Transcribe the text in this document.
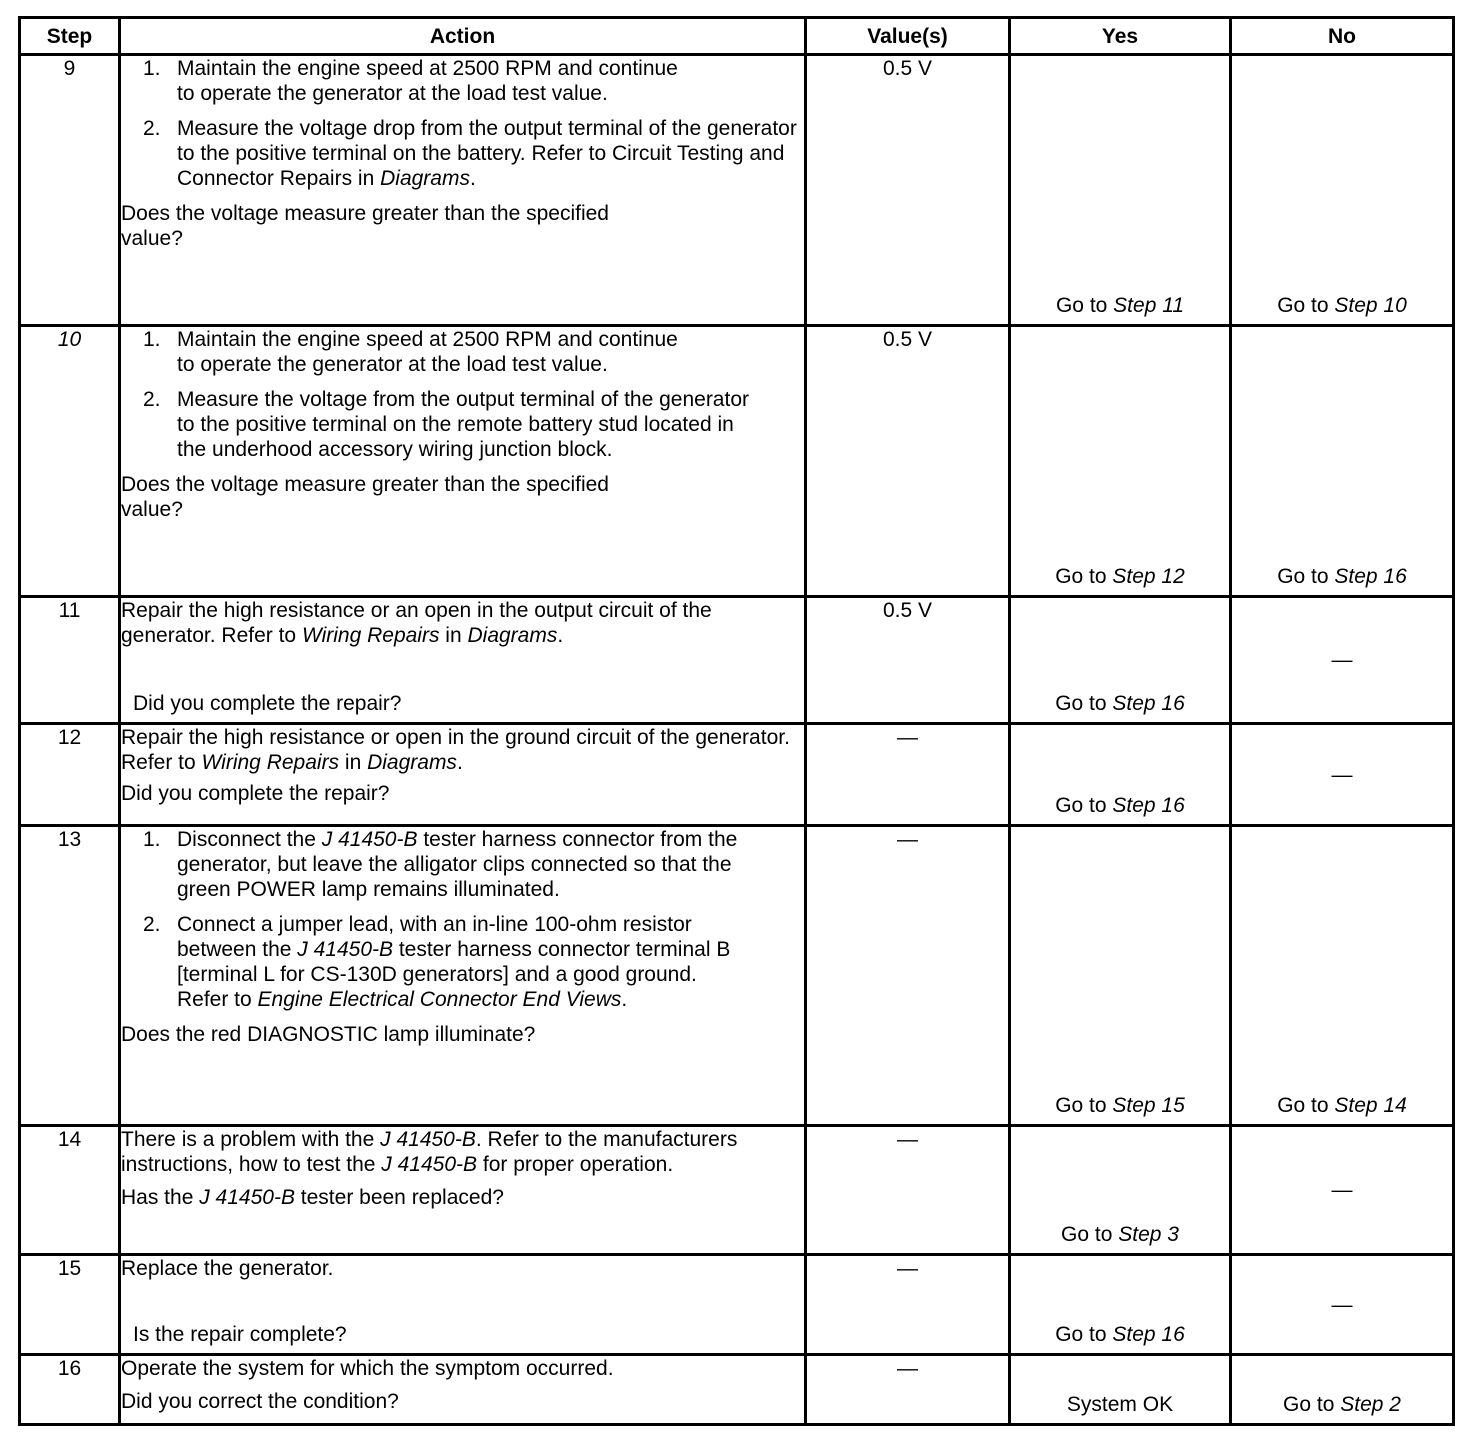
Step	Action	Value(s)	Yes	No
9	1. Maintain the engine speed at 2500 RPM and continue to operate the generator at the load test value.
2. Measure the voltage drop from the output terminal of the generator to the positive terminal on the battery. Refer to Circuit Testing and Connector Repairs in Diagrams.
Does the voltage measure greater than the specified value?	0.5 V	Go to Step 11	Go to Step 10

10	1. Maintain the engine speed at 2500 RPM and continue to operate the generator at the load test value.
2. Measure the voltage from the output terminal of the generator to the positive terminal on the remote battery stud located in the underhood accessory wiring junction block.
Does the voltage measure greater than the specified value?	0.5 V	Go to Step 12	Go to Step 16

11	Repair the high resistance or an open in the output circuit of the generator. Refer to Wiring Repairs in Diagrams.
Did you complete the repair?	0.5 V	Go to Step 16	—

12	Repair the high resistance or open in the ground circuit of the generator. Refer to Wiring Repairs in Diagrams.
Did you complete the repair?	—	Go to Step 16	—

13	1. Disconnect the J 41450-B tester harness connector from the generator, but leave the alligator clips connected so that the green POWER lamp remains illuminated.
2. Connect a jumper lead, with an in-line 100-ohm resistor between the J 41450-B tester harness connector terminal B [terminal L for CS-130D generators] and a good ground. Refer to Engine Electrical Connector End Views.
Does the red DIAGNOSTIC lamp illuminate?	—	Go to Step 15	Go to Step 14

14	There is a problem with the J 41450-B. Refer to the manufacturers instructions, how to test the J 41450-B for proper operation.
Has the J 41450-B tester been replaced?	—	Go to Step 3	—

15	Replace the generator.
Is the repair complete?	—	Go to Step 16	—

16	Operate the system for which the symptom occurred.
Did you correct the condition?	—	System OK	Go to Step 2
